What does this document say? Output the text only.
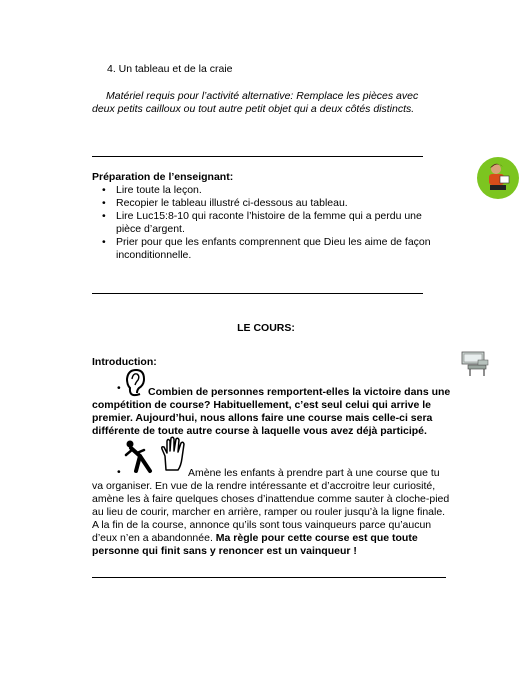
4. Un tableau et de la craie
Matériel requis pour l’activité alternative: Remplace les pièces avec deux petits cailloux ou tout autre petit objet qui a deux côtés distincts.
Préparation de l’enseignant:
• Lire toute la leçon.
• Recopier le tableau illustré ci-dessous au tableau.
• Lire Luc15:8-10 qui raconte l’histoire de la femme qui a perdu une pièce d’argent.
• Prier pour que les enfants comprennent que Dieu les aime de façon inconditionnelle.
LE COURS:
Introduction:
•	Combien de personnes remportent-elles la victoire dans une compétition de course? Habituellement, c’est seul celui qui arrive le premier. Aujourd’hui, nous allons faire une course mais celle-ci sera différente de toute autre course à laquelle vous avez déjà participé.
•	Amène les enfants à prendre part à une course que tu va organiser. En vue de la rendre intéressante et d’accroitre leur curiosité, amène les à faire quelques choses d’inattendue comme sauter à cloche-pied au lieu de courir, marcher en arrière, ramper ou rouler jusqu’à la ligne finale. A la fin de la course, annonce qu’ils sont tous vainqueurs parce qu’aucun d’eux n’en a abandonnée. Ma règle pour cette course est que toute personne qui finit sans y renoncer est un vainqueur !
